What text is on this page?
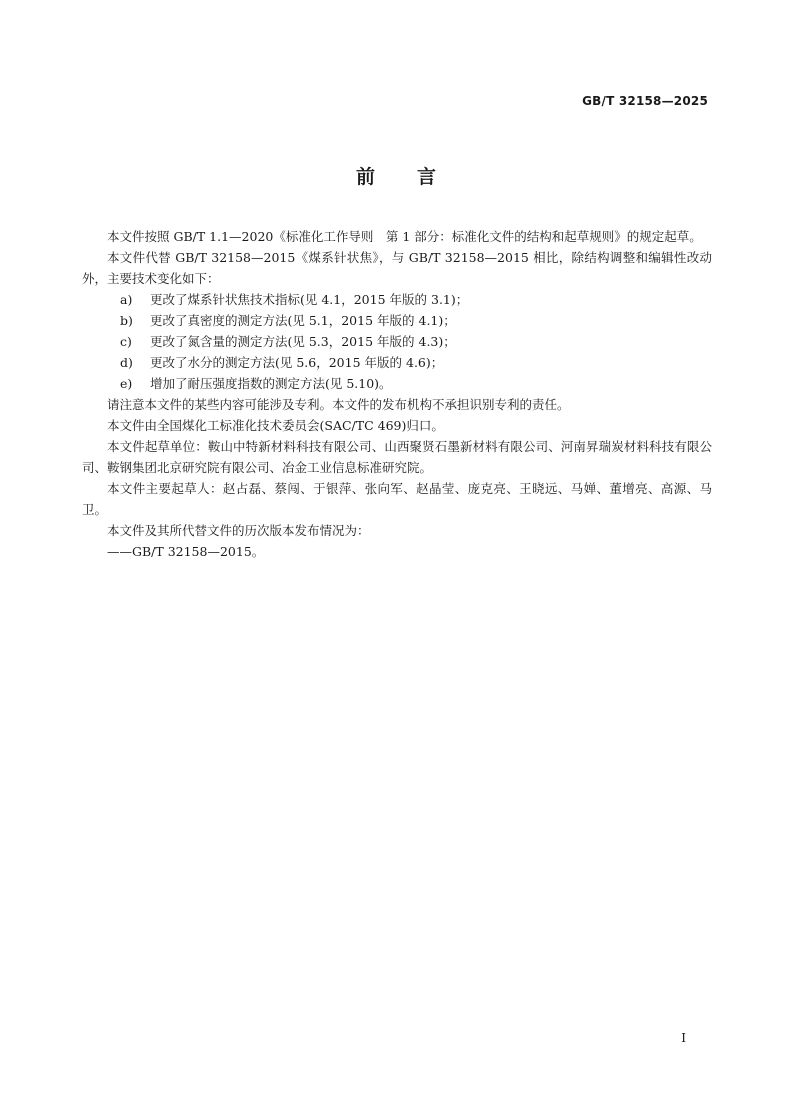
GB/T 32158—2025
前 言

本文件按照 GB/T 1.1—2020《标准化工作导则　第 1 部分：标准化文件的结构和起草规则》的规定起草。

本文件代替 GB/T 32158—2015《煤系针状焦》，与 GB/T 32158—2015 相比，除结构调整和编辑性改动外，主要技术变化如下：

a) 更改了煤系针状焦技术指标(见 4.1，2015 年版的 3.1)；

b) 更改了真密度的测定方法(见 5.1，2015 年版的 4.1)；

c) 更改了氮含量的测定方法(见 5.3，2015 年版的 4.3)；

d) 更改了水分的测定方法(见 5.6，2015 年版的 4.6)；

e) 增加了耐压强度指数的测定方法(见 5.10)。

请注意本文件的某些内容可能涉及专利。本文件的发布机构不承担识别专利的责任。

本文件由全国煤化工标准化技术委员会(SAC/TC 469)归口。

本文件起草单位：鞍山中特新材料科技有限公司、山西聚贤石墨新材料有限公司、河南昇瑞炭材料科技有限公司、鞍钢集团北京研究院有限公司、冶金工业信息标准研究院。

本文件主要起草人：赵占磊、蔡闯、于银萍、张向军、赵晶莹、庞克亮、王晓远、马婵、董增亮、高源、马卫。

本文件及其所代替文件的历次版本发布情况为：

——GB/T 32158—2015。

I
